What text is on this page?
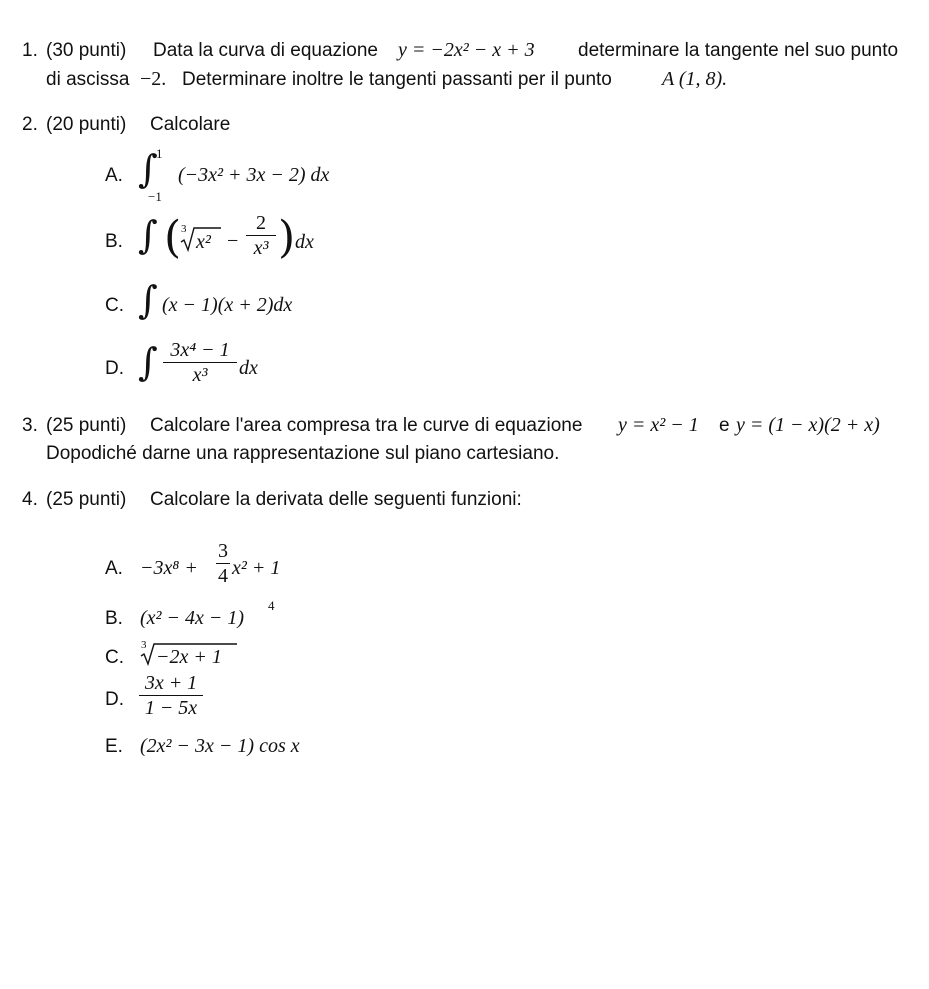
1. (30 punti) Data la curva di equazione y = −2x² − x + 3 determinare la tangente nel suo punto
di ascissa −2. Determinare inoltre le tangenti passanti per il punto	A (1, 8).
2. (20 punti) Calcolare
A. ∫
1
−1
(−3x² + 3x − 2) dx
B. ∫ ( 3
x² −
2
x³ ) dx
C. ∫ (x − 1)(x + 2)dx
D. ∫ 3x⁴ − 1
x³	dx
3. (25 punti) Calcolare l'area compresa tra le curve di equazione y = x² − 1 e y = (1 − x)(2 + x)
Dopodiché darne una rappresentazione sul piano cartesiano.
4. (25 punti) Calcolare la derivata delle seguenti funzioni:
A. −3x⁸ +
3
4 x² + 1
B. (x² − 4x − 1)
4
C.
3
−2x + 1
D.
3x + 1
1 − 5x
E. (2x² − 3x − 1) cos x
